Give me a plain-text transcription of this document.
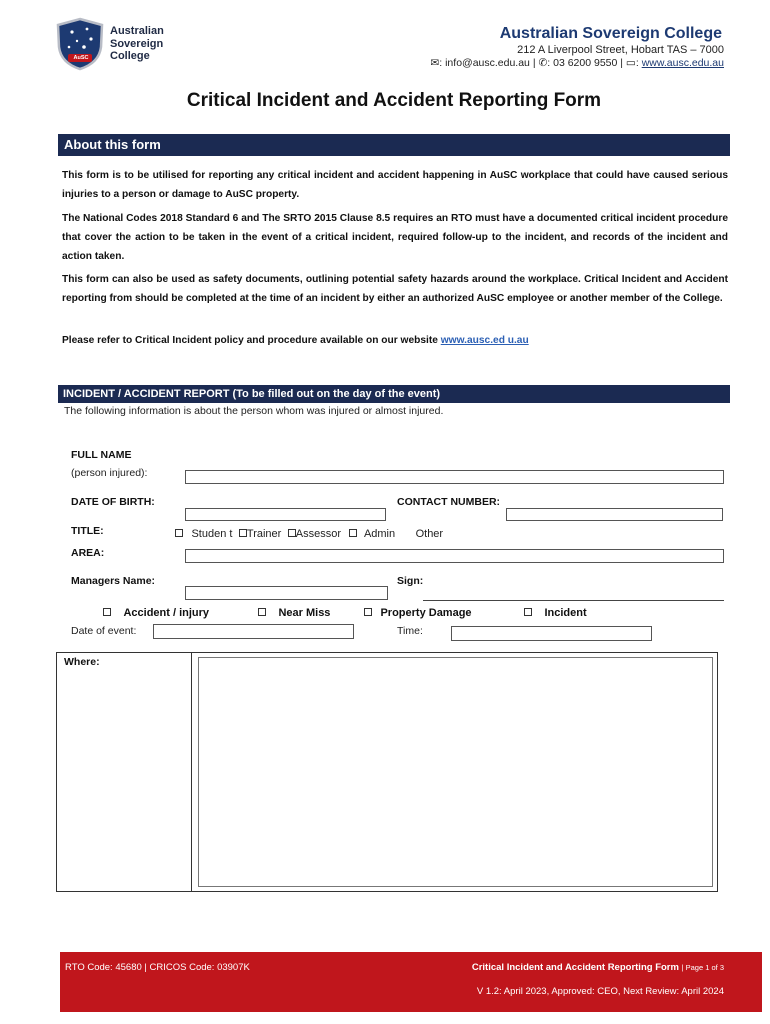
AuSC
Australian
Sovereign
College
Australian Sovereign College
212 A Liverpool Street, Hobart TAS – 7000
✉: info@ausc.edu.au | ✆: 03 6200 9550 | ▭: www.ausc.edu.au
Critical Incident and Accident Reporting Form
About this form
This form is to be utilised for reporting any critical incident and accident happening in AuSC workplace that could have caused serious injuries to a person or damage to AuSC property.
The National Codes 2018 Standard 6 and The SRTO 2015 Clause 8.5 requires an RTO must have a documented critical incident procedure that cover the action to be taken in the event of a critical incident, required follow-up to the incident, and records of the incident and action taken.
This form can also be used as safety documents, outlining potential safety hazards around the workplace. Critical Incident and Accident reporting from should be completed at the time of an incident by either an authorized AuSC employee or another member of the College.
Please refer to Critical Incident policy and procedure available on our website www.ausc.ed u.au
INCIDENT / ACCIDENT REPORT (To be filled out on the day of the event)
The following information is about the person whom was injured or almost injured.
FULL NAME
(person injured):
DATE OF BIRTH:	CONTACT NUMBER:
TITLE:	Studen t Trainer Assessor Admin Other
AREA:
Managers Name:	Sign:
Accident / injury	Near Miss	Property Damage	Incident
Date of event:	Time:
Where:
RTO Code: 45680 | CRICOS Code: 03907K	Critical Incident and Accident Reporting Form | Page 1 of 3
V 1.2: April 2023, Approved: CEO, Next Review: April 2024
